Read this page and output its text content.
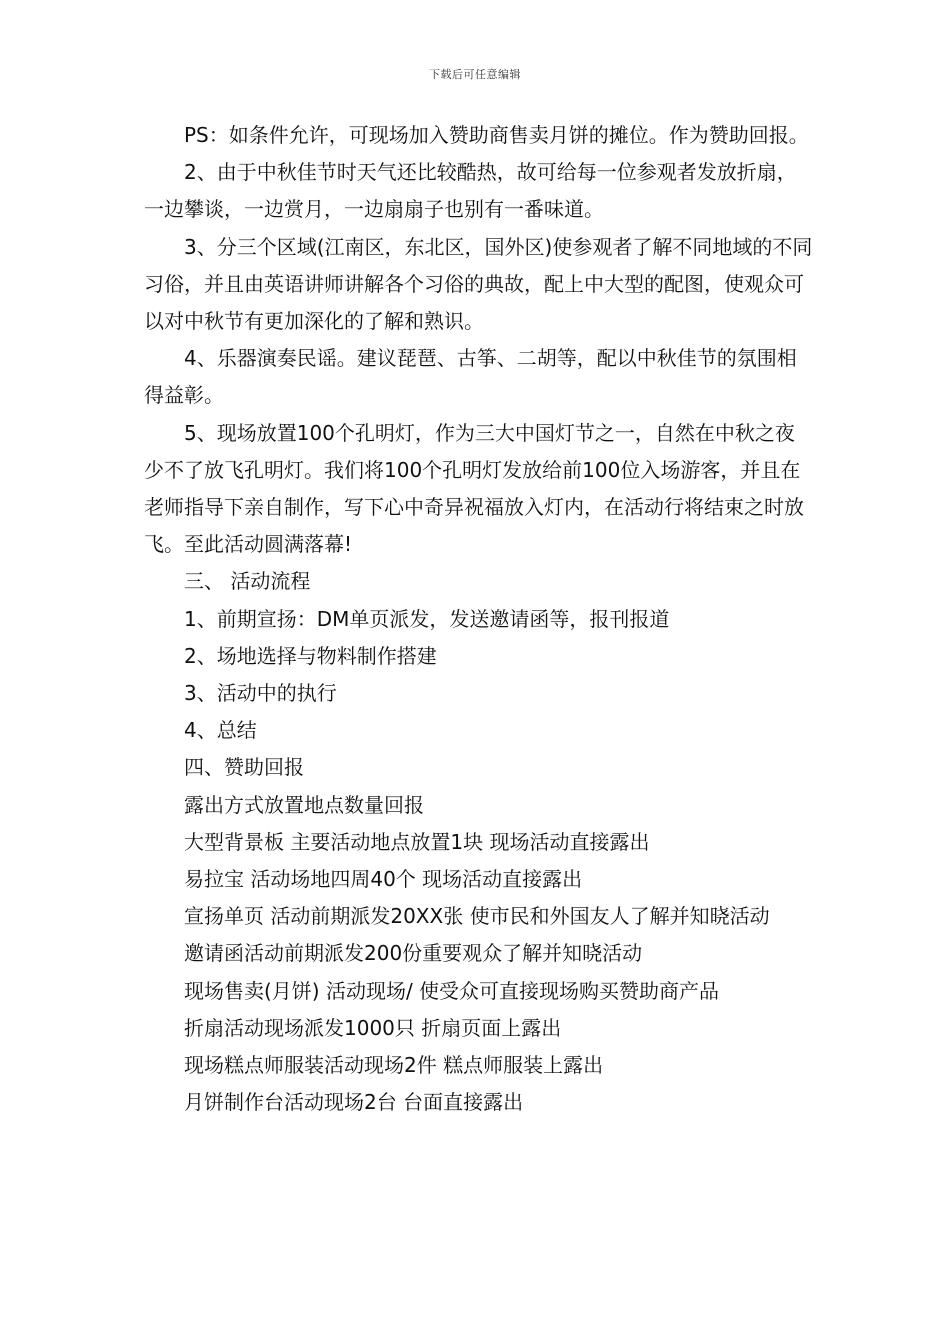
下载后可任意编辑

PS：如条件允许，可现场加入赞助商售卖月饼的摊位。作为赞助回报。

2、由于中秋佳节时天气还比较酷热，故可给每一位参观者发放折扇，一边攀谈，一边赏月，一边扇扇子也别有一番味道。

3、分三个区域(江南区，东北区，国外区)使参观者了解不同地域的不同习俗，并且由英语讲师讲解各个习俗的典故，配上中大型的配图，使观众可以对中秋节有更加深化的了解和熟识。

4、乐器演奏民谣。建议琵琶、古筝、二胡等，配以中秋佳节的氛围相得益彰。

5、现场放置100个孔明灯，作为三大中国灯节之一，自然在中秋之夜少不了放飞孔明灯。我们将100个孔明灯发放给前100位入场游客，并且在老师指导下亲自制作，写下心中奇异祝福放入灯内，在活动行将结束之时放飞。至此活动圆满落幕!

三、 活动流程

1、前期宣扬：DM单页派发，发送邀请函等，报刊报道

2、场地选择与物料制作搭建

3、活动中的执行

4、总结

四、赞助回报

露出方式放置地点数量回报

大型背景板 主要活动地点放置1块 现场活动直接露出

易拉宝 活动场地四周40个 现场活动直接露出

宣扬单页 活动前期派发20XX张 使市民和外国友人了解并知晓活动

邀请函活动前期派发200份重要观众了解并知晓活动

现场售卖(月饼) 活动现场/ 使受众可直接现场购买赞助商产品

折扇活动现场派发1000只 折扇页面上露出

现场糕点师服装活动现场2件 糕点师服装上露出

月饼制作台活动现场2台 台面直接露出
